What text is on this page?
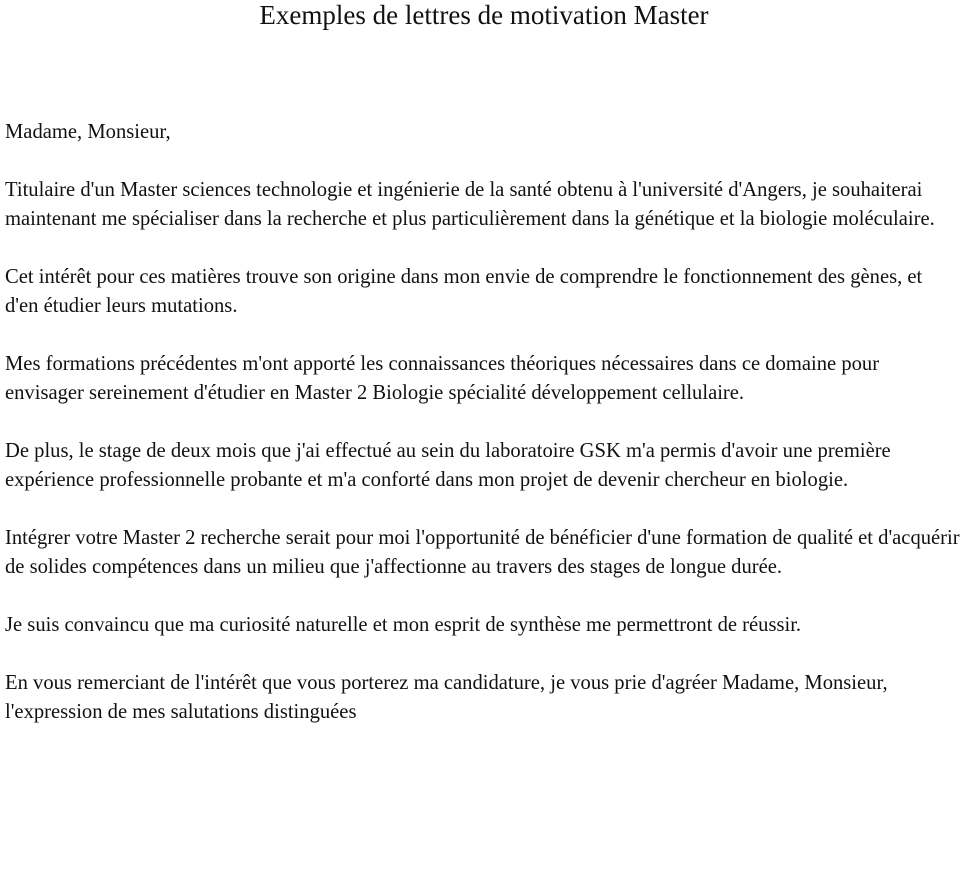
Exemples de lettres de motivation Master

Madame, Monsieur,

Titulaire d'un Master sciences technologie et ingénierie de la santé obtenu à l'université d'Angers, je souhaiterai maintenant me spécialiser dans la recherche et plus particulièrement dans la génétique et la biologie moléculaire.

Cet intérêt pour ces matières trouve son origine dans mon envie de comprendre le fonctionnement des gènes, et d'en étudier leurs mutations.

Mes formations précédentes m'ont apporté les connaissances théoriques nécessaires dans ce domaine pour envisager sereinement d'étudier en Master 2 Biologie spécialité développement cellulaire.

De plus, le stage de deux mois que j'ai effectué au sein du laboratoire GSK m'a permis d'avoir une première expérience professionnelle probante et m'a conforté dans mon projet de devenir chercheur en biologie.

Intégrer votre Master 2 recherche serait pour moi l'opportunité de bénéficier d'une formation de qualité et d'acquérir de solides compétences dans un milieu que j'affectionne au travers des stages de longue durée.

Je suis convaincu que ma curiosité naturelle et mon esprit de synthèse me permettront de réussir.

En vous remerciant de l'intérêt que vous porterez ma candidature, je vous prie d'agréer Madame, Monsieur, l'expression de mes salutations distinguées
